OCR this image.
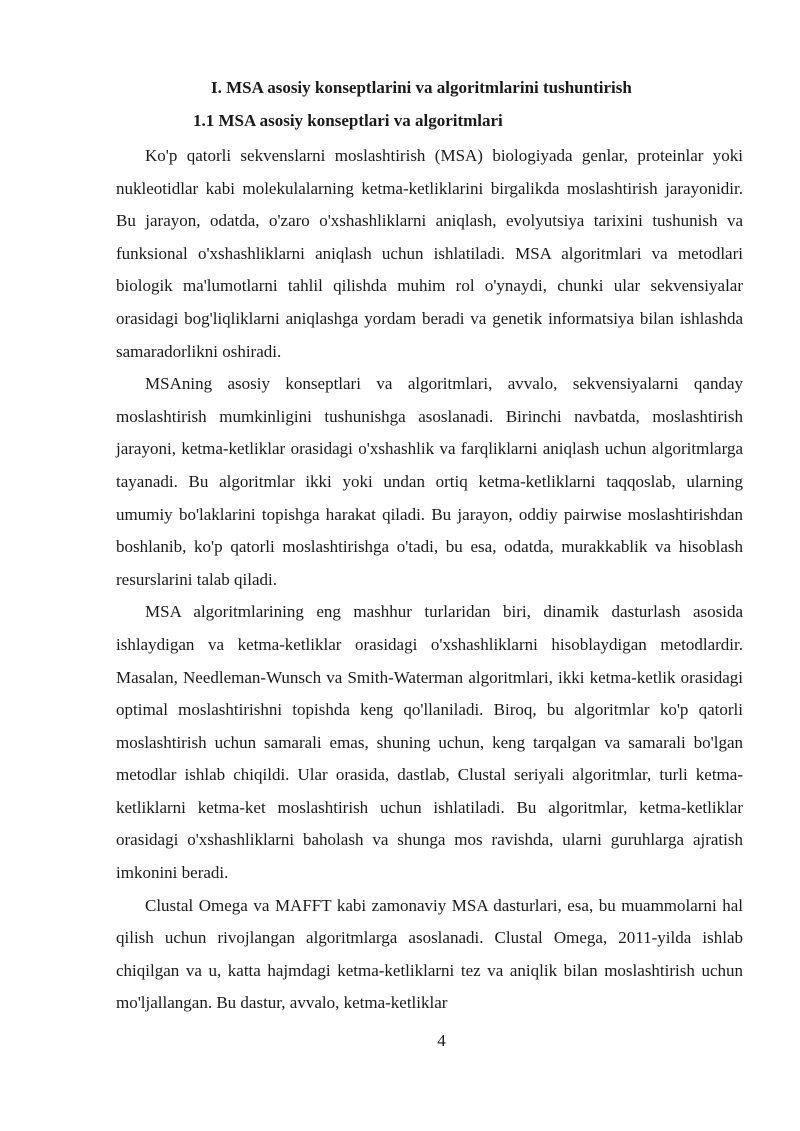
I. MSA asosiy konseptlarini va algoritmlarini tushuntirish
1.1 MSA asosiy konseptlari va algoritmlari

Ko'p qatorli sekvenslarni moslashtirish (MSA) biologiyada genlar, proteinlar yoki nukleotidlar kabi molekulalarning ketma-ketliklarini birgalikda moslashtirish jarayonidir. Bu jarayon, odatda, o'zaro o'xshashliklarni aniqlash, evolyutsiya tarixini tushunish va funksional o'xshashliklarni aniqlash uchun ishlatiladi. MSA algoritmlari va metodlari biologik ma'lumotlarni tahlil qilishda muhim rol o'ynaydi, chunki ular sekvensiyalar orasidagi bog'liqliklarni aniqlashga yordam beradi va genetik informatsiya bilan ishlashda samaradorlikni oshiradi.

MSAning asosiy konseptlari va algoritmlari, avvalo, sekvensiyalarni qanday moslashtirish mumkinligini tushunishga asoslanadi. Birinchi navbatda, moslashtirish jarayoni, ketma-ketliklar orasidagi o'xshashlik va farqliklarni aniqlash uchun algoritmlarga tayanadi. Bu algoritmlar ikki yoki undan ortiq ketma-ketliklarni taqqoslab, ularning umumiy bo'laklarini topishga harakat qiladi. Bu jarayon, oddiy pairwise moslashtirishdan boshlanib, ko'p qatorli moslashtirishga o'tadi, bu esa, odatda, murakkablik va hisoblash resurslarini talab qiladi.

MSA algoritmlarining eng mashhur turlaridan biri, dinamik dasturlash asosida ishlaydigan va ketma-ketliklar orasidagi o'xshashliklarni hisoblaydigan metodlardir. Masalan, Needleman-Wunsch va Smith-Waterman algoritmlari, ikki ketma-ketlik orasidagi optimal moslashtirishni topishda keng qo'llaniladi. Biroq, bu algoritmlar ko'p qatorli moslashtirish uchun samarali emas, shuning uchun, keng tarqalgan va samarali bo'lgan metodlar ishlab chiqildi. Ular orasida, dastlab, Clustal seriyali algoritmlar, turli ketma-ketliklarni ketma-ket moslashtirish uchun ishlatiladi. Bu algoritmlar, ketma-ketliklar orasidagi o'xshashliklarni baholash va shunga mos ravishda, ularni guruhlarga ajratish imkonini beradi.

Clustal Omega va MAFFT kabi zamonaviy MSA dasturlari, esa, bu muammolarni hal qilish uchun rivojlangan algoritmlarga asoslanadi. Clustal Omega, 2011-yilda ishlab chiqilgan va u, katta hajmdagi ketma-ketliklarni tez va aniqlik bilan moslashtirish uchun mo'ljallangan. Bu dastur, avvalo, ketma-ketliklar

4
